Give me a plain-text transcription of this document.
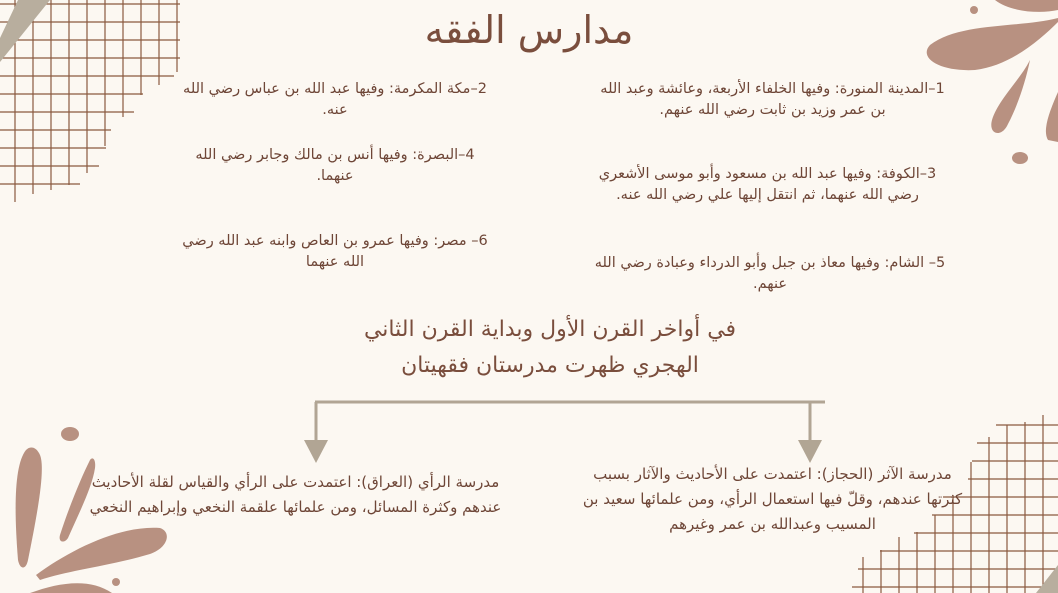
مدارس الفقه
1–المدينة المنورة: وفيها الخلفاء الأربعة، وعائشة وعبد الله بن عمر وزيد بن ثابت رضي الله عنهم.
2–مكة المكرمة: وفيها عبد الله بن عباس رضي الله عنه.
3–الكوفة: وفيها عبد الله بن مسعود وأبو موسى الأشعري رضي الله عنهما، ثم انتقل إليها علي رضي الله عنه.
4–البصرة: وفيها أنس بن مالك وجابر رضي الله عنهما.
5– الشام: وفيها معاذ بن جبل وأبو الدرداء وعبادة رضي الله عنهم.
6– مصر: وفيها عمرو بن العاص وابنه عبد الله رضي الله عنهما
في أواخر القرن الأول وبداية القرن الثاني
الهجري ظهرت مدرستان فقهيتان
مدرسة الآثر (الحجاز): اعتمدت على الأحاديث والآثار بسبب كثرتها عندهم، وقلّ فيها استعمال الرأي، ومن علمائها سعيد بن المسيب وعبدالله بن عمر وغيرهم
مدرسة الرأي (العراق): اعتمدت على الرأي والقياس لقلة الأحاديث عندهم وكثرة المسائل، ومن علمائها علقمة النخعي وإبراهيم النخعي
